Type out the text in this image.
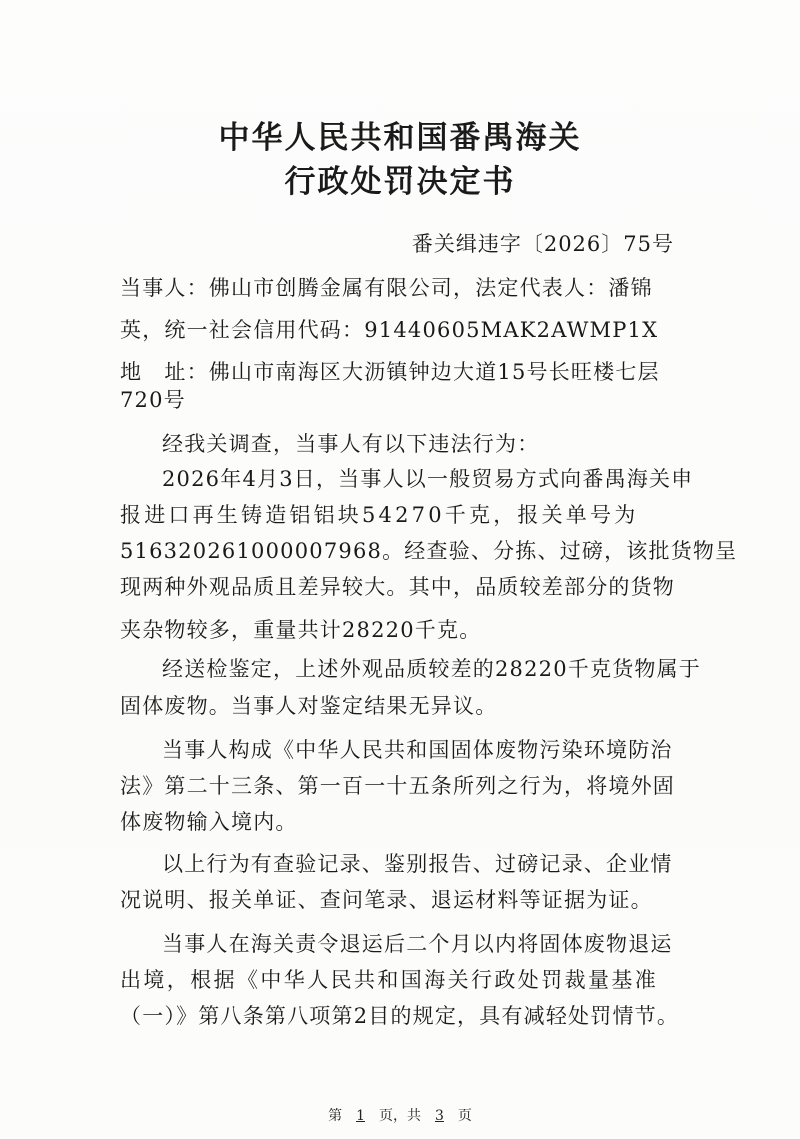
中华人民共和国番禺海关
行政处罚决定书
番关缉违字〔2026〕75号
当事人：佛山市创腾金属有限公司，法定代表人：潘锦
英，统一社会信用代码：91440605MAK2AWMP1X
地　址：佛山市南海区大沥镇钟边大道15号长旺楼七层
720号
经我关调查，当事人有以下违法行为：
2026年4月3日，当事人以一般贸易方式向番禺海关申
报进口再生铸造铝铝块54270千克，报关单号为
516320261000007968。经查验、分拣、过磅，该批货物呈
现两种外观品质且差异较大。其中，品质较差部分的货物
夹杂物较多，重量共计28220千克。
经送检鉴定，上述外观品质较差的28220千克货物属于
固体废物。当事人对鉴定结果无异议。
当事人构成《中华人民共和国固体废物污染环境防治
法》第二十三条、第一百一十五条所列之行为，将境外固
体废物输入境内。
以上行为有查验记录、鉴别报告、过磅记录、企业情
况说明、报关单证、查问笔录、退运材料等证据为证。
当事人在海关责令退运后二个月以内将固体废物退运
出境，根据《中华人民共和国海关行政处罚裁量基准
（一）》第八条第八项第2目的规定，具有减轻处罚情节。
第 1 页，共 3 页
